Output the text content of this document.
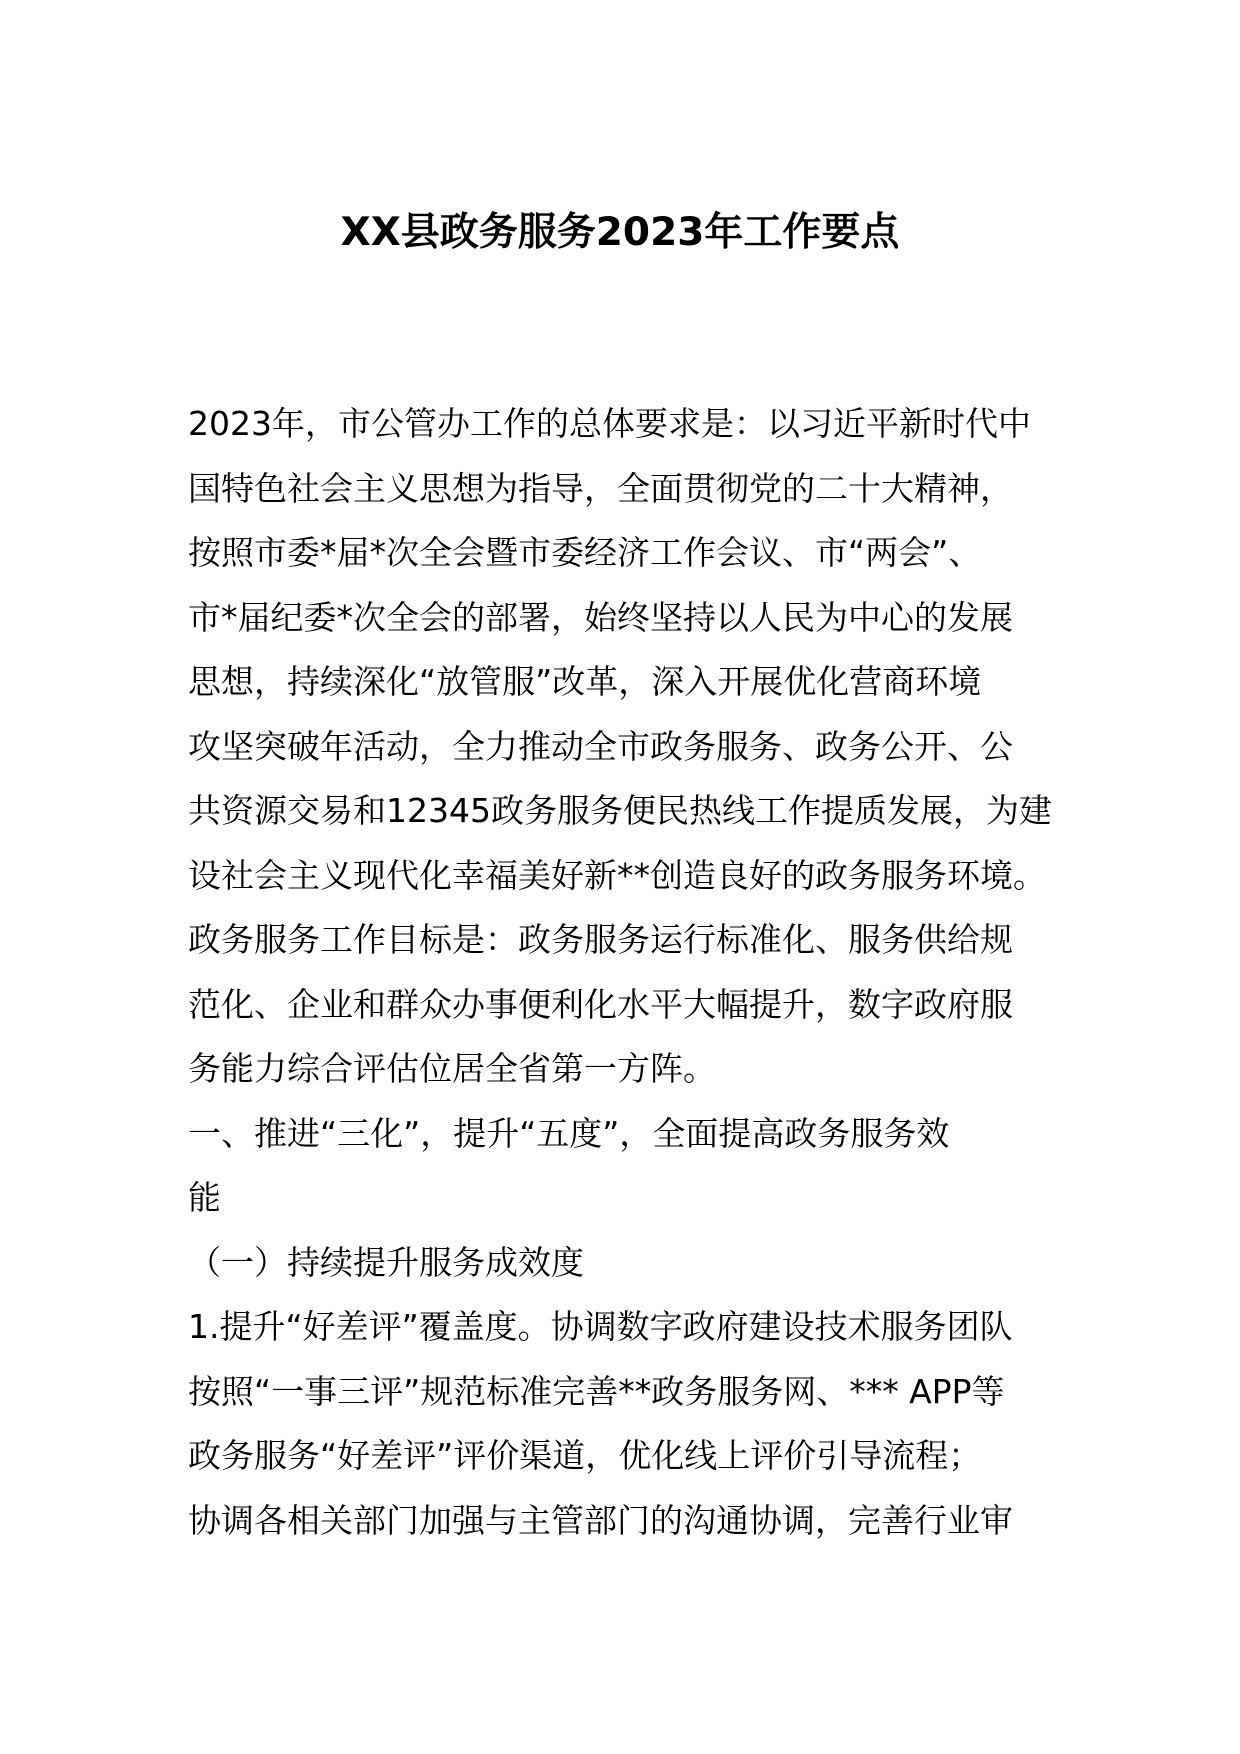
XX县政务服务2023年工作要点

2023年，市公管办工作的总体要求是：以习近平新时代中

国特色社会主义思想为指导，全面贯彻党的二十大精神，

按照市委*届*次全会暨市委经济工作会议、市“两会”、

市*届纪委*次全会的部署，始终坚持以人民为中心的发展

思想，持续深化“放管服”改革，深入开展优化营商环境

攻坚突破年活动，全力推动全市政务服务、政务公开、公

共资源交易和12345政务服务便民热线工作提质发展，为建

设社会主义现代化幸福美好新**创造良好的政务服务环境。

政务服务工作目标是：政务服务运行标准化、服务供给规

范化、企业和群众办事便利化水平大幅提升，数字政府服

务能力综合评估位居全省第一方阵。

一、推进“三化”，提升“五度”，全面提高政务服务效

能

（一）持续提升服务成效度

1.提升“好差评”覆盖度。协调数字政府建设技术服务团队

按照“一事三评”规范标准完善**政务服务网、*** APP等

政务服务“好差评”评价渠道，优化线上评价引导流程；

协调各相关部门加强与主管部门的沟通协调，完善行业审
